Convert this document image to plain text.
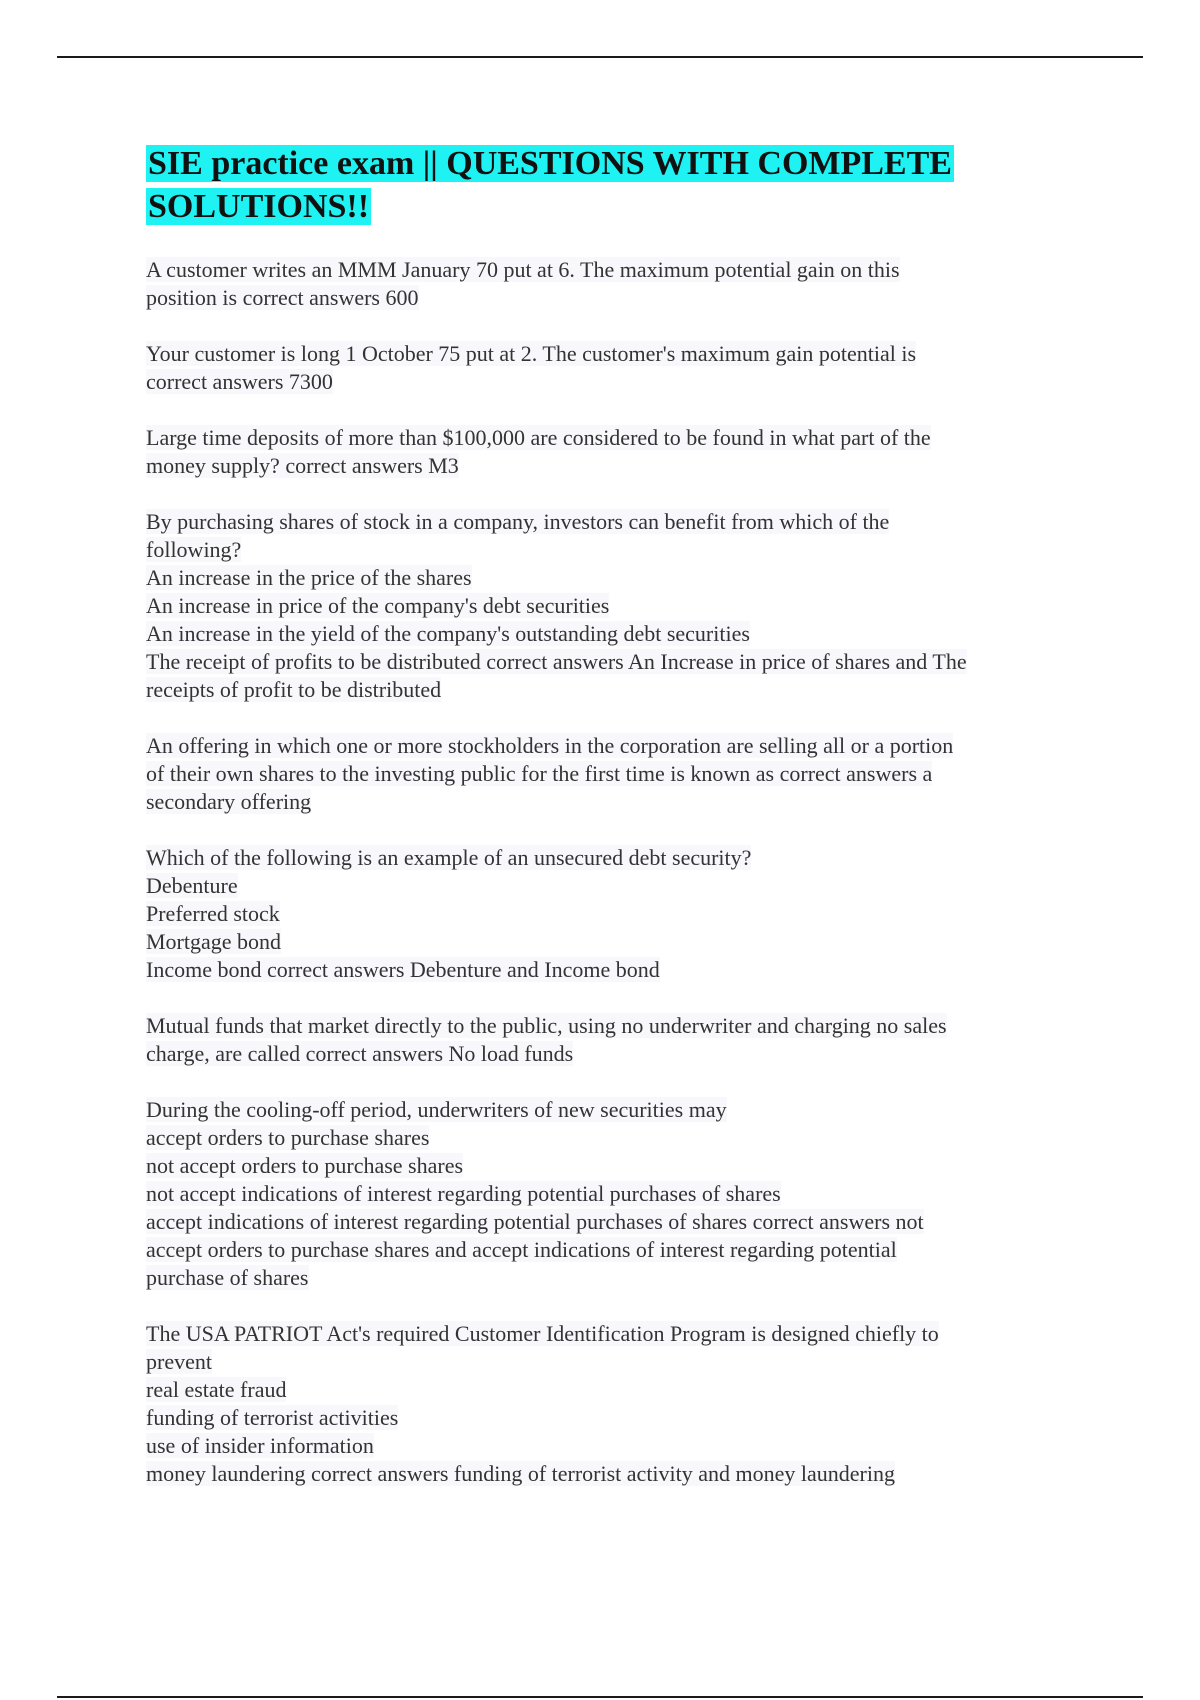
SIE practice exam || QUESTIONS WITH COMPLETE
SOLUTIONS!!
A customer writes an MMM January 70 put at 6. The maximum potential gain on this
position is correct answers 600
Your customer is long 1 October 75 put at 2. The customer's maximum gain potential is
correct answers 7300
Large time deposits of more than $100,000 are considered to be found in what part of the
money supply? correct answers M3
By purchasing shares of stock in a company, investors can benefit from which of the
following?
An increase in the price of the shares
An increase in price of the company's debt securities
An increase in the yield of the company's outstanding debt securities
The receipt of profits to be distributed correct answers An Increase in price of shares and The
receipts of profit to be distributed
An offering in which one or more stockholders in the corporation are selling all or a portion
of their own shares to the investing public for the first time is known as correct answers a
secondary offering
Which of the following is an example of an unsecured debt security?
Debenture
Preferred stock
Mortgage bond
Income bond correct answers Debenture and Income bond
Mutual funds that market directly to the public, using no underwriter and charging no sales
charge, are called correct answers No load funds
During the cooling-off period, underwriters of new securities may
accept orders to purchase shares
not accept orders to purchase shares
not accept indications of interest regarding potential purchases of shares
accept indications of interest regarding potential purchases of shares correct answers not
accept orders to purchase shares and accept indications of interest regarding potential
purchase of shares
The USA PATRIOT Act's required Customer Identification Program is designed chiefly to
prevent
real estate fraud
funding of terrorist activities
use of insider information
money laundering correct answers funding of terrorist activity and money laundering
